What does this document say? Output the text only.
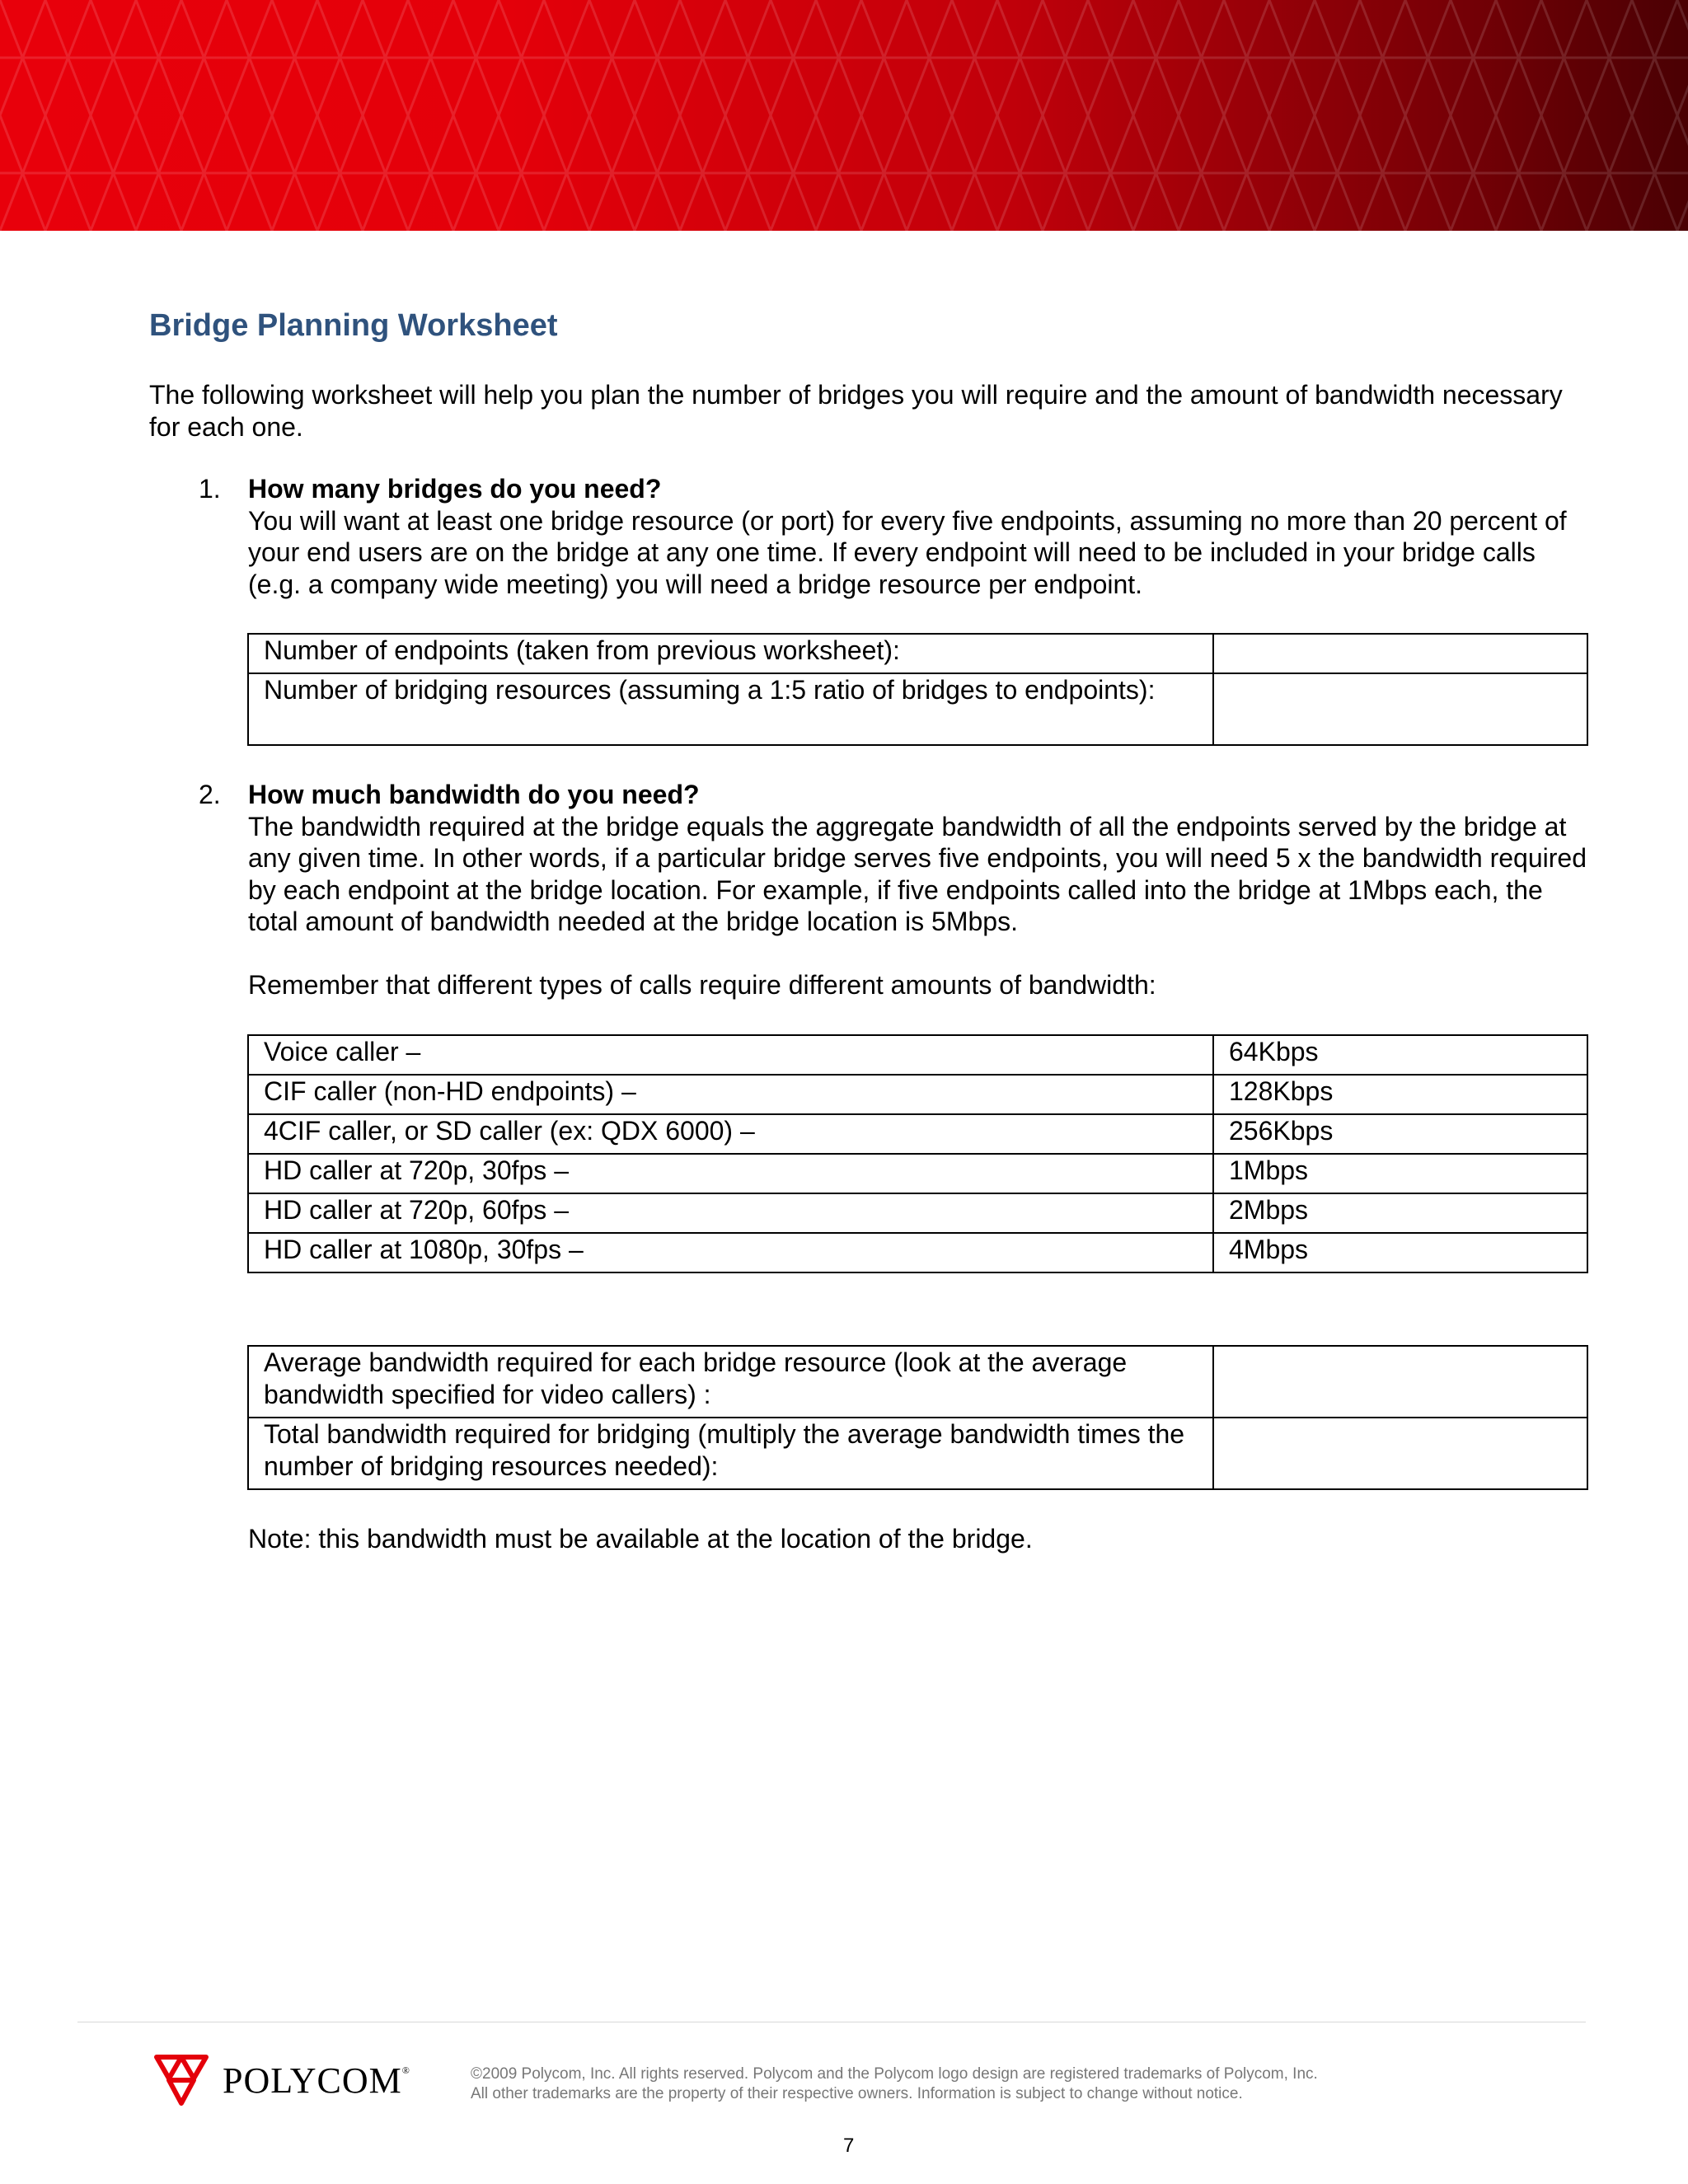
Bridge Planning Worksheet
The following worksheet will help you plan the number of bridges you will require and the amount of bandwidth necessary for each one.
1. How many bridges do you need?
You will want at least one bridge resource (or port) for every five endpoints, assuming no more than 20 percent of your end users are on the bridge at any one time. If every endpoint will need to be included in your bridge calls (e.g. a company wide meeting) you will need a bridge resource per endpoint.
Number of endpoints (taken from previous worksheet):	
Number of bridging resources (assuming a 1:5 ratio of bridges to endpoints):	
2. How much bandwidth do you need?
The bandwidth required at the bridge equals the aggregate bandwidth of all the endpoints served by the bridge at any given time. In other words, if a particular bridge serves five endpoints, you will need 5 x the bandwidth required by each endpoint at the bridge location. For example, if five endpoints called into the bridge at 1Mbps each, the total amount of bandwidth needed at the bridge location is 5Mbps.
Remember that different types of calls require different amounts of bandwidth:
Voice caller –	64Kbps
CIF caller (non-HD endpoints) –	128Kbps
4CIF caller, or SD caller (ex: QDX 6000) –	256Kbps
HD caller at 720p, 30fps –	1Mbps
HD caller at 720p, 60fps –	2Mbps
HD caller at 1080p, 30fps –	4Mbps
Average bandwidth required for each bridge resource (look at the average bandwidth specified for video callers) :	
Total bandwidth required for bridging (multiply the average bandwidth times the number of bridging resources needed):	
Note: this bandwidth must be available at the location of the bridge.
POLYCOM®	©2009 Polycom, Inc. All rights reserved. Polycom and the Polycom logo design are registered trademarks of Polycom, Inc.
All other trademarks are the property of their respective owners. Information is subject to change without notice.
7
